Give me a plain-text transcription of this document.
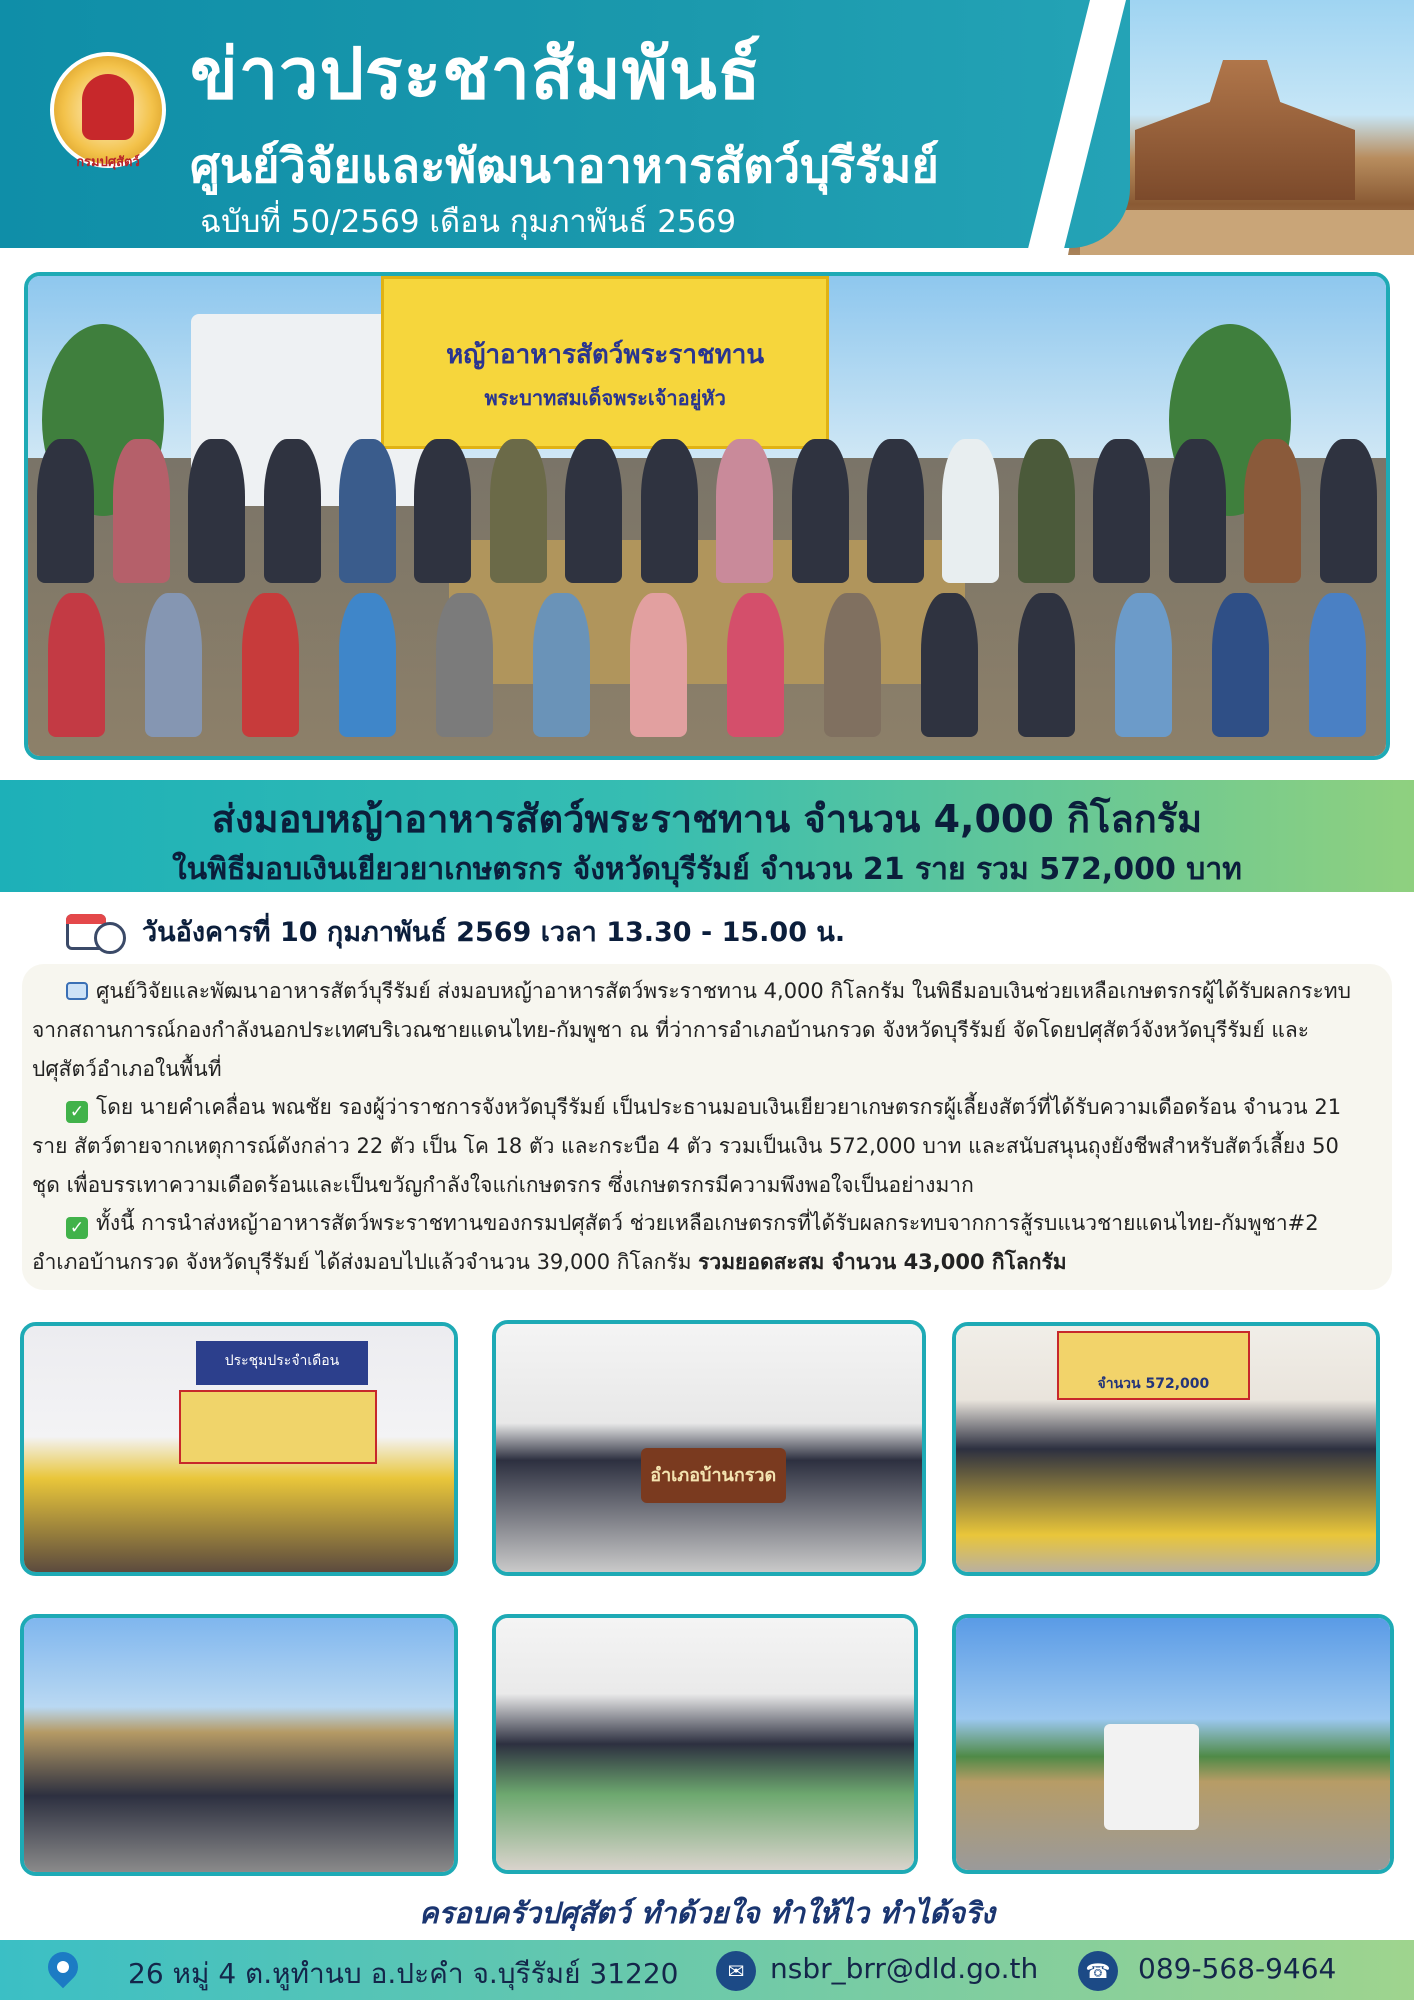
กรมปศุสัตว์
ข่าวประชาสัมพันธ์
ศูนย์วิจัยและพัฒนาอาหารสัตว์บุรีรัมย์
ฉบับที่ 50/2569 เดือน กุมภาพันธ์ 2569
หญ้าอาหารสัตว์พระราชทาน
พระบาทสมเด็จพระเจ้าอยู่หัว
ส่งมอบหญ้าอาหารสัตว์พระราชทาน จำนวน 4,000 กิโลกรัม
ในพิธีมอบเงินเยียวยาเกษตรกร จังหวัดบุรีรัมย์ จำนวน 21 ราย รวม 572,000 บาท
วันอังคารที่ 10 กุมภาพันธ์ 2569 เวลา 13.30 - 15.00 น.
ศูนย์วิจัยและพัฒนาอาหารสัตว์บุรีรัมย์ ส่งมอบหญ้าอาหารสัตว์พระราชทาน 4,000 กิโลกรัม ในพิธีมอบเงินช่วยเหลือเกษตรกรผู้ได้รับผลกระทบจากสถานการณ์กองกำลังนอกประเทศบริเวณชายแดนไทย-กัมพูชา ณ ที่ว่าการอำเภอบ้านกรวด จังหวัดบุรีรัมย์ จัดโดยปศุสัตว์จังหวัดบุรีรัมย์ และปศุสัตว์อำเภอในพื้นที่
✓ โดย นายคำเคลื่อน พณชัย รองผู้ว่าราชการจังหวัดบุรีรัมย์ เป็นประธานมอบเงินเยียวยาเกษตรกรผู้เลี้ยงสัตว์ที่ได้รับความเดือดร้อน จำนวน 21 ราย สัตว์ตายจากเหตุการณ์ดังกล่าว 22 ตัว เป็น โค 18 ตัว และกระบือ 4 ตัว รวมเป็นเงิน 572,000 บาท และสนับสนุนถุงยังชีพสำหรับสัตว์เลี้ยง 50 ชุด เพื่อบรรเทาความเดือดร้อนและเป็นขวัญกำลังใจแก่เกษตรกร ซึ่งเกษตรกรมีความพึงพอใจเป็นอย่างมาก
✓ ทั้งนี้ การนำส่งหญ้าอาหารสัตว์พระราชทานของกรมปศุสัตว์ ช่วยเหลือเกษตรกรที่ได้รับผลกระทบจากการสู้รบแนวชายแดนไทย-กัมพูชา#2 อำเภอบ้านกรวด จังหวัดบุรีรัมย์ ได้ส่งมอบไปแล้วจำนวน 39,000 กิโลกรัม รวมยอดสะสม จำนวน 43,000 กิโลกรัม
ประชุมประจำเดือน
อำเภอบ้านกรวด
จำนวน 572,000
ครอบครัวปศุสัตว์ ทำด้วยใจ ทำให้ไว ทำได้จริง
26 หมู่ 4 ต.หูทำนบ อ.ปะคำ จ.บุรีรัมย์ 31220	✉ nsbr_brr@dld.go.th	☎ 089-568-9464
